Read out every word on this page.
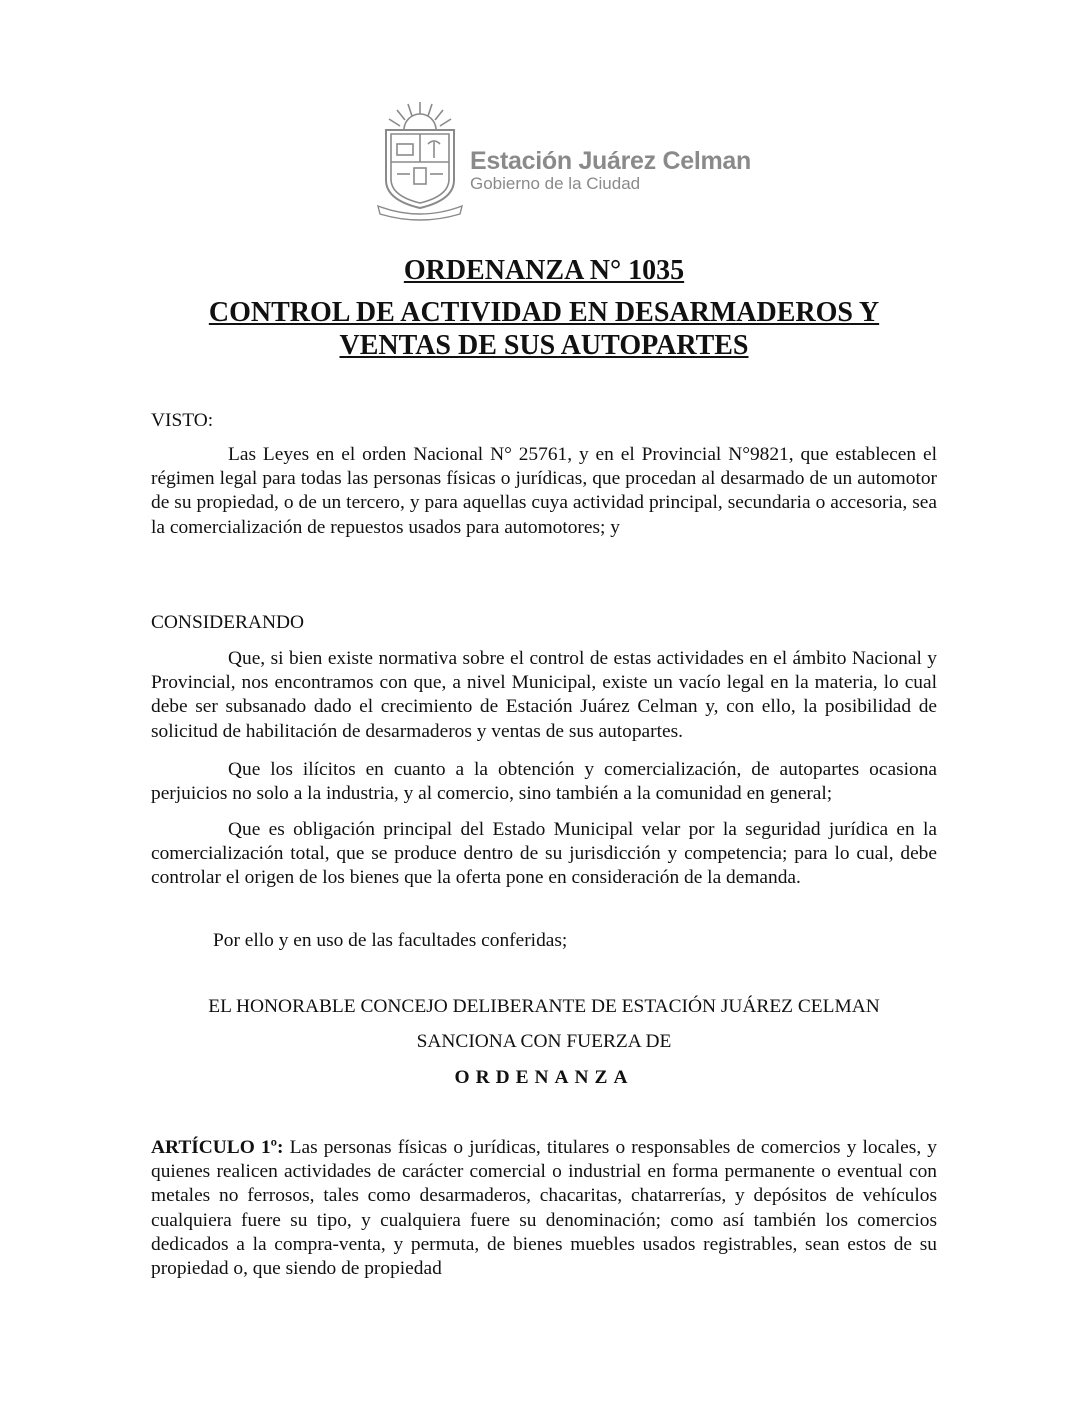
Estación Juárez Celman
Gobierno de la Ciudad
ORDENANZA N° 1035
CONTROL DE ACTIVIDAD EN DESARMADEROS Y
VENTAS DE SUS AUTOPARTES
VISTO:
Las Leyes en el orden Nacional N° 25761, y en el Provincial N°9821, que establecen el régimen legal para todas las personas físicas o jurídicas, que procedan al desarmado de un automotor de su propiedad, o de un tercero, y para aquellas cuya actividad principal, secundaria o accesoria, sea la comercialización de repuestos usados para automotores; y
CONSIDERANDO
Que, si bien existe normativa sobre el control de estas actividades en el ámbito Nacional y Provincial, nos encontramos con que, a nivel Municipal, existe un vacío legal en la materia, lo cual debe ser subsanado dado el crecimiento de Estación Juárez Celman y, con ello, la posibilidad de solicitud de habilitación de desarmaderos y ventas de sus autopartes.
Que los ilícitos en cuanto a la obtención y comercialización, de autopartes ocasiona perjuicios no solo a la industria, y al comercio, sino también a la comunidad en general;
Que es obligación principal del Estado Municipal velar por la seguridad jurídica en la comercialización total, que se produce dentro de su jurisdicción y competencia; para lo cual, debe controlar el origen de los bienes que la oferta pone en consideración de la demanda.
Por ello y en uso de las facultades conferidas;
EL HONORABLE CONCEJO DELIBERANTE DE ESTACIÓN JUÁREZ CELMAN
SANCIONA CON FUERZA DE
ORDENANZA
ARTÍCULO 1º: Las personas físicas o jurídicas, titulares o responsables de comercios y locales, y quienes realicen actividades de carácter comercial o industrial en forma permanente o eventual con metales no ferrosos, tales como desarmaderos, chacaritas, chatarrerías, y depósitos de vehículos cualquiera fuere su tipo, y cualquiera fuere su denominación; como así también los comercios dedicados a la compra-venta, y permuta, de bienes muebles usados registrables, sean estos de su propiedad o, que siendo de propiedad
